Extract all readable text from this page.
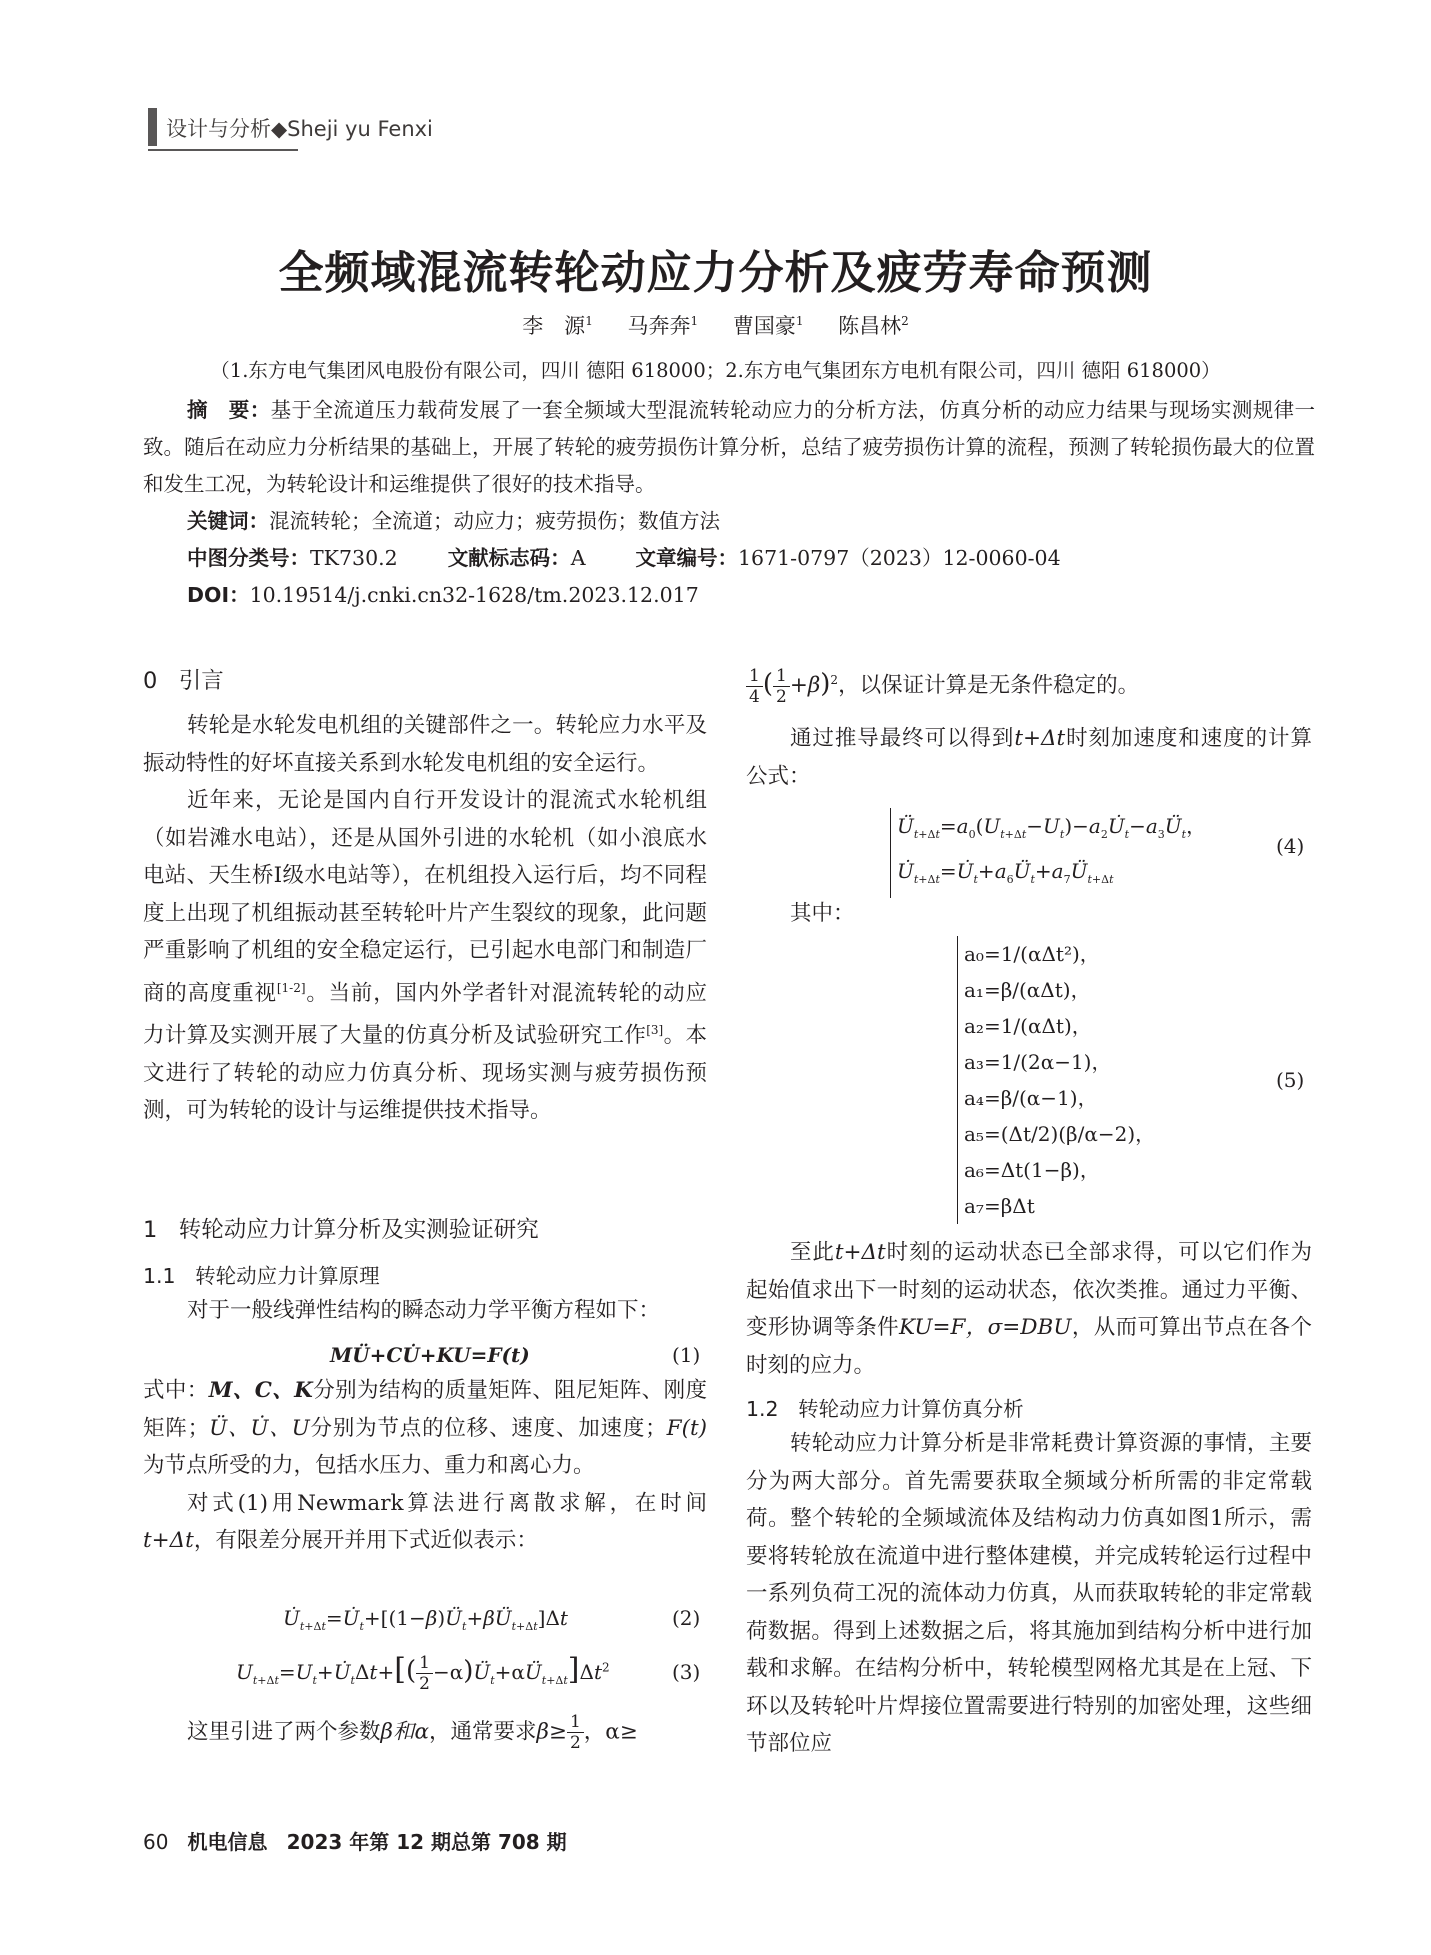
设计与分析◆Sheji yu Fenxi
全频域混流转轮动应力分析及疲劳寿命预测
李　源$^1$ 马奔奔$^1$ 曹国豪$^1$ 陈昌林$^2$
（1.东方电气集团风电股份有限公司，四川 德阳 618000；2.东方电气集团东方电机有限公司，四川 德阳 618000）
摘　要：基于全流道压力载荷发展了一套全频域大型混流转轮动应力的分析方法，仿真分析的动应力结果与现场实测规律一致。随后在动应力分析结果的基础上，开展了转轮的疲劳损伤计算分析，总结了疲劳损伤计算的流程，预测了转轮损伤最大的位置和发生工况，为转轮设计和运维提供了很好的技术指导。
关键词：混流转轮；全流道；动应力；疲劳损伤；数值方法
中图分类号：TK730.2 文献标志码：A 文章编号：1671-0797（2023）12-0060-04
DOI：10.19514/j.cnki.cn32-1628/tm.2023.12.017
0 引言

转轮是水轮发电机组的关键部件之一。转轮应力水平及振动特性的好坏直接关系到水轮发电机组的安全运行。

近年来，无论是国内自行开发设计的混流式水轮机组（如岩滩水电站），还是从国外引进的水轮机（如小浪底水电站、天生桥Ⅰ级水电站等），在机组投入运行后，均不同程度上出现了机组振动甚至转轮叶片产生裂纹的现象，此问题严重影响了机组的安全稳定运行，已引起水电部门和制造厂商的高度重视[1-2]。当前，国内外学者针对混流转轮的动应力计算及实测开展了大量的仿真分析及试验研究工作[3]。本文进行了转轮的动应力仿真分析、现场实测与疲劳损伤预测，可为转轮的设计与运维提供技术指导。

1 转轮动应力计算分析及实测验证研究
1.1 转轮动应力计算原理

对于一般线弹性结构的瞬态动力学平衡方程如下：

MÜ+CU̇+KU=F(t)	(1)

式中：M、C、K分别为结构的质量矩阵、阻尼矩阵、刚度矩阵；Ü、U̇、U分别为节点的位移、速度、加速度；F(t)为节点所受的力，包括水压力、重力和离心力。

对式(1)用Newmark算法进行离散求解，在时间t+Δt，有限差分展开并用下式近似表示：

$U̇_{t+\Delta t}=U̇_t+[(1-\beta)Ü_t+\beta Ü_{t+\Delta t}]\Delta t$	(2)
$U_{t+\Delta t}=U_t+U̇_t\Delta t+[( \frac{1}{2}$ $-\alpha)Ü_t+\alpha Ü_{t+\Delta t}]\Delta t^2$	(3)
这里引进了两个参数β和α，通常要求$\beta\ge \frac{1}{2}$ ，α≥
$\frac{1}{4}$ ( $\frac{1}{2} +\beta)^2$，以保证计算是无条件稳定的。

通过推导最终可以得到t+Δt时刻加速度和速度的计算公式：

$Ü_{t+\Delta t}=a_0(U_{t+\Delta t}-U_t)-a_2U̇_t-a_3Ü_t$，
$U̇_{t+\Delta t}=U̇_t+a_6Ü_t+a_7Ü_{t+\Delta t}$
(4)
其中：
a₀=1/(αΔt²)，
a₁=β/(αΔt)，
a₂=1/(αΔt)，
a₃=1/(2α−1)，
a₄=β/(α−1)，
a₅=(Δt/2)(β/α−2)，
a₆=Δt(1−β)，
a₇=βΔt
(5)

至此t+Δt时刻的运动状态已全部求得，可以它们作为起始值求出下一时刻的运动状态，依次类推。通过力平衡、变形协调等条件KU=F，σ=DBU，从而可算出节点在各个时刻的应力。

1.2 转轮动应力计算仿真分析

转轮动应力计算分析是非常耗费计算资源的事情，主要分为两大部分。首先需要获取全频域分析所需的非定常载荷。整个转轮的全频域流体及结构动力仿真如图1所示，需要将转轮放在流道中进行整体建模，并完成转轮运行过程中一系列负荷工况的流体动力仿真，从而获取转轮的非定常载荷数据。得到上述数据之后，将其施加到结构分析中进行加载和求解。在结构分析中，转轮模型网格尤其是在上冠、下环以及转轮叶片焊接位置需要进行特别的加密处理，这些细节部位应

60 机电信息 2023 年第 12 期总第 708 期
